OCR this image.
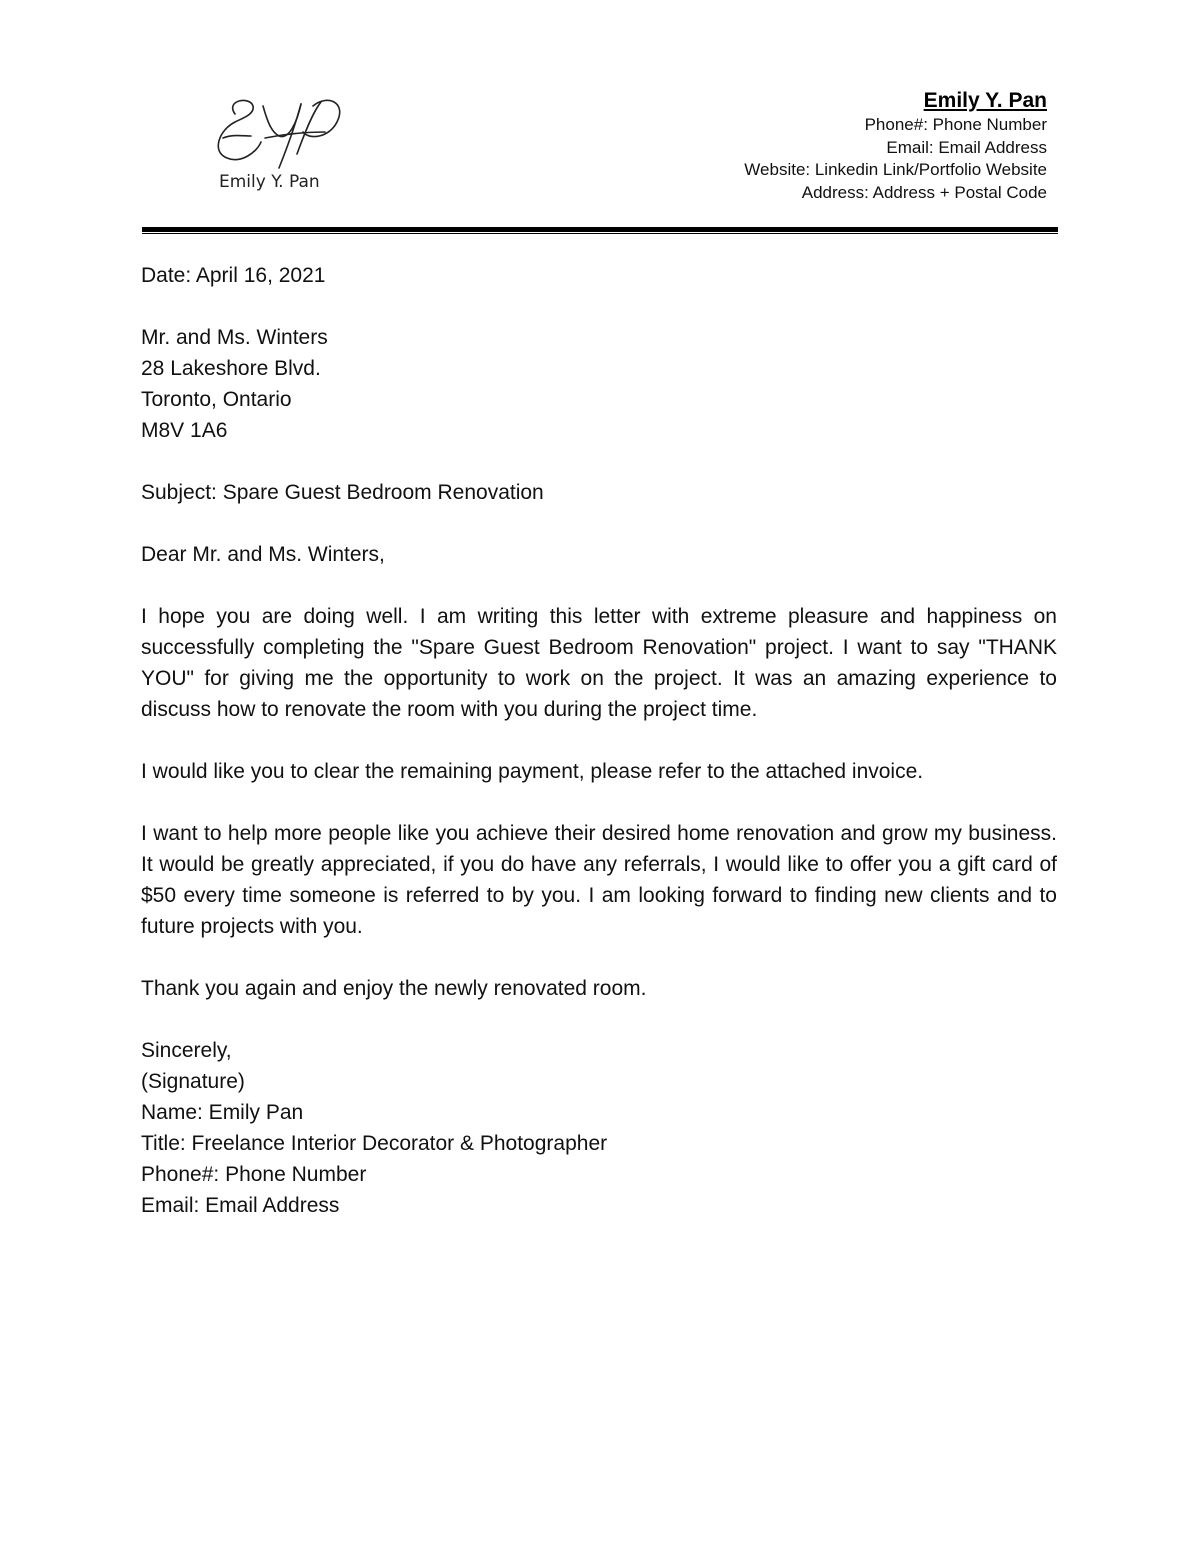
Emily Y. Pan
Emily Y. Pan
Phone#: Phone Number
Email: Email Address
Website: Linkedin Link/Portfolio Website
Address: Address + Postal Code

Date: April 16, 2021

Mr. and Ms. Winters

28 Lakeshore Blvd.

Toronto, Ontario

M8V 1A6

Subject: Spare Guest Bedroom Renovation

Dear Mr. and Ms. Winters,

I hope you are doing well. I am writing this letter with extreme pleasure and happiness on successfully completing the "Spare Guest Bedroom Renovation" project. I want to say "THANK YOU" for giving me the opportunity to work on the project. It was an amazing experience to discuss how to renovate the room with you during the project time.

I would like you to clear the remaining payment, please refer to the attached invoice.

I want to help more people like you achieve their desired home renovation and grow my business. It would be greatly appreciated, if you do have any referrals, I would like to offer you a gift card of $50 every time someone is referred to by you. I am looking forward to finding new clients and to future projects with you.

Thank you again and enjoy the newly renovated room.

Sincerely,

(Signature)

Name: Emily Pan

Title: Freelance Interior Decorator & Photographer

Phone#: Phone Number

Email: Email Address
